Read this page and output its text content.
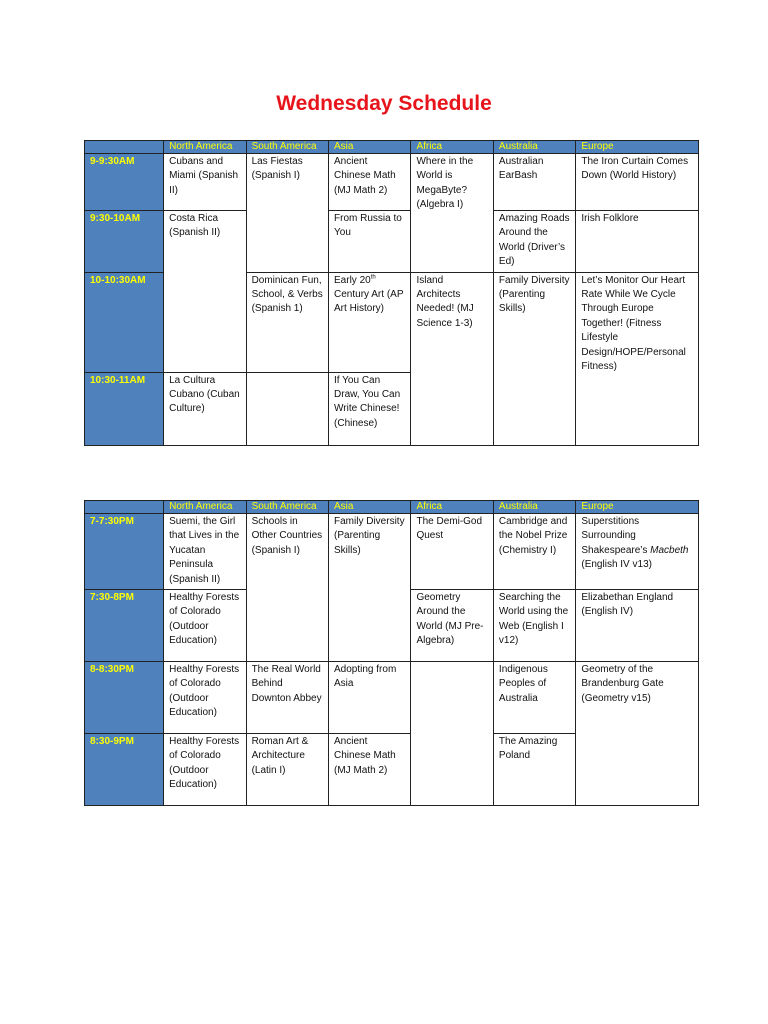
Wednesday Schedule
	North America	South America	Asia	Africa	Australia	Europe
9-9:30AM	Cubans and Miami (Spanish II)	Las Fiestas (Spanish I)	Ancient Chinese Math (MJ Math 2)	Where in the World is MegaByte? (Algebra I)	Australian EarBash	The Iron Curtain Comes Down (World History)
9:30-10AM	Costa Rica (Spanish II)		From Russia to You		Amazing Roads Around the World (Driver’s Ed)	Irish Folklore
10-10:30AM		Dominican Fun, School, & Verbs (Spanish 1)	Early 20th Century Art (AP Art History)	Island Architects Needed! (MJ Science 1-3)	Family Diversity (Parenting Skills)	Let’s Monitor Our Heart Rate While We Cycle Through Europe Together! (Fitness Lifestyle Design/HOPE/Personal Fitness)
10:30-11AM	La Cultura Cubano (Cuban Culture)		If You Can Draw, You Can Write Chinese! (Chinese)			
	North America	South America	Asia	Africa	Australia	Europe
7-7:30PM	Suemi, the Girl that Lives in the Yucatan Peninsula (Spanish II)	Schools in Other Countries (Spanish I)	Family Diversity (Parenting Skills)	The Demi-God Quest	Cambridge and the Nobel Prize (Chemistry I)	Superstitions Surrounding Shakespeare’s Macbeth (English IV v13)
7:30-8PM	Healthy Forests of Colorado (Outdoor Education)			Geometry Around the World (MJ Pre-Algebra)	Searching the World using the Web (English I v12)	Elizabethan England (English IV)
8-8:30PM	Healthy Forests of Colorado (Outdoor Education)	The Real World Behind Downton Abbey	Adopting from Asia		Indigenous Peoples of Australia	Geometry of the Brandenburg Gate (Geometry v15)
8:30-9PM	Healthy Forests of Colorado (Outdoor Education)	Roman Art & Architecture (Latin I)	Ancient Chinese Math (MJ Math 2)		The Amazing Poland	
